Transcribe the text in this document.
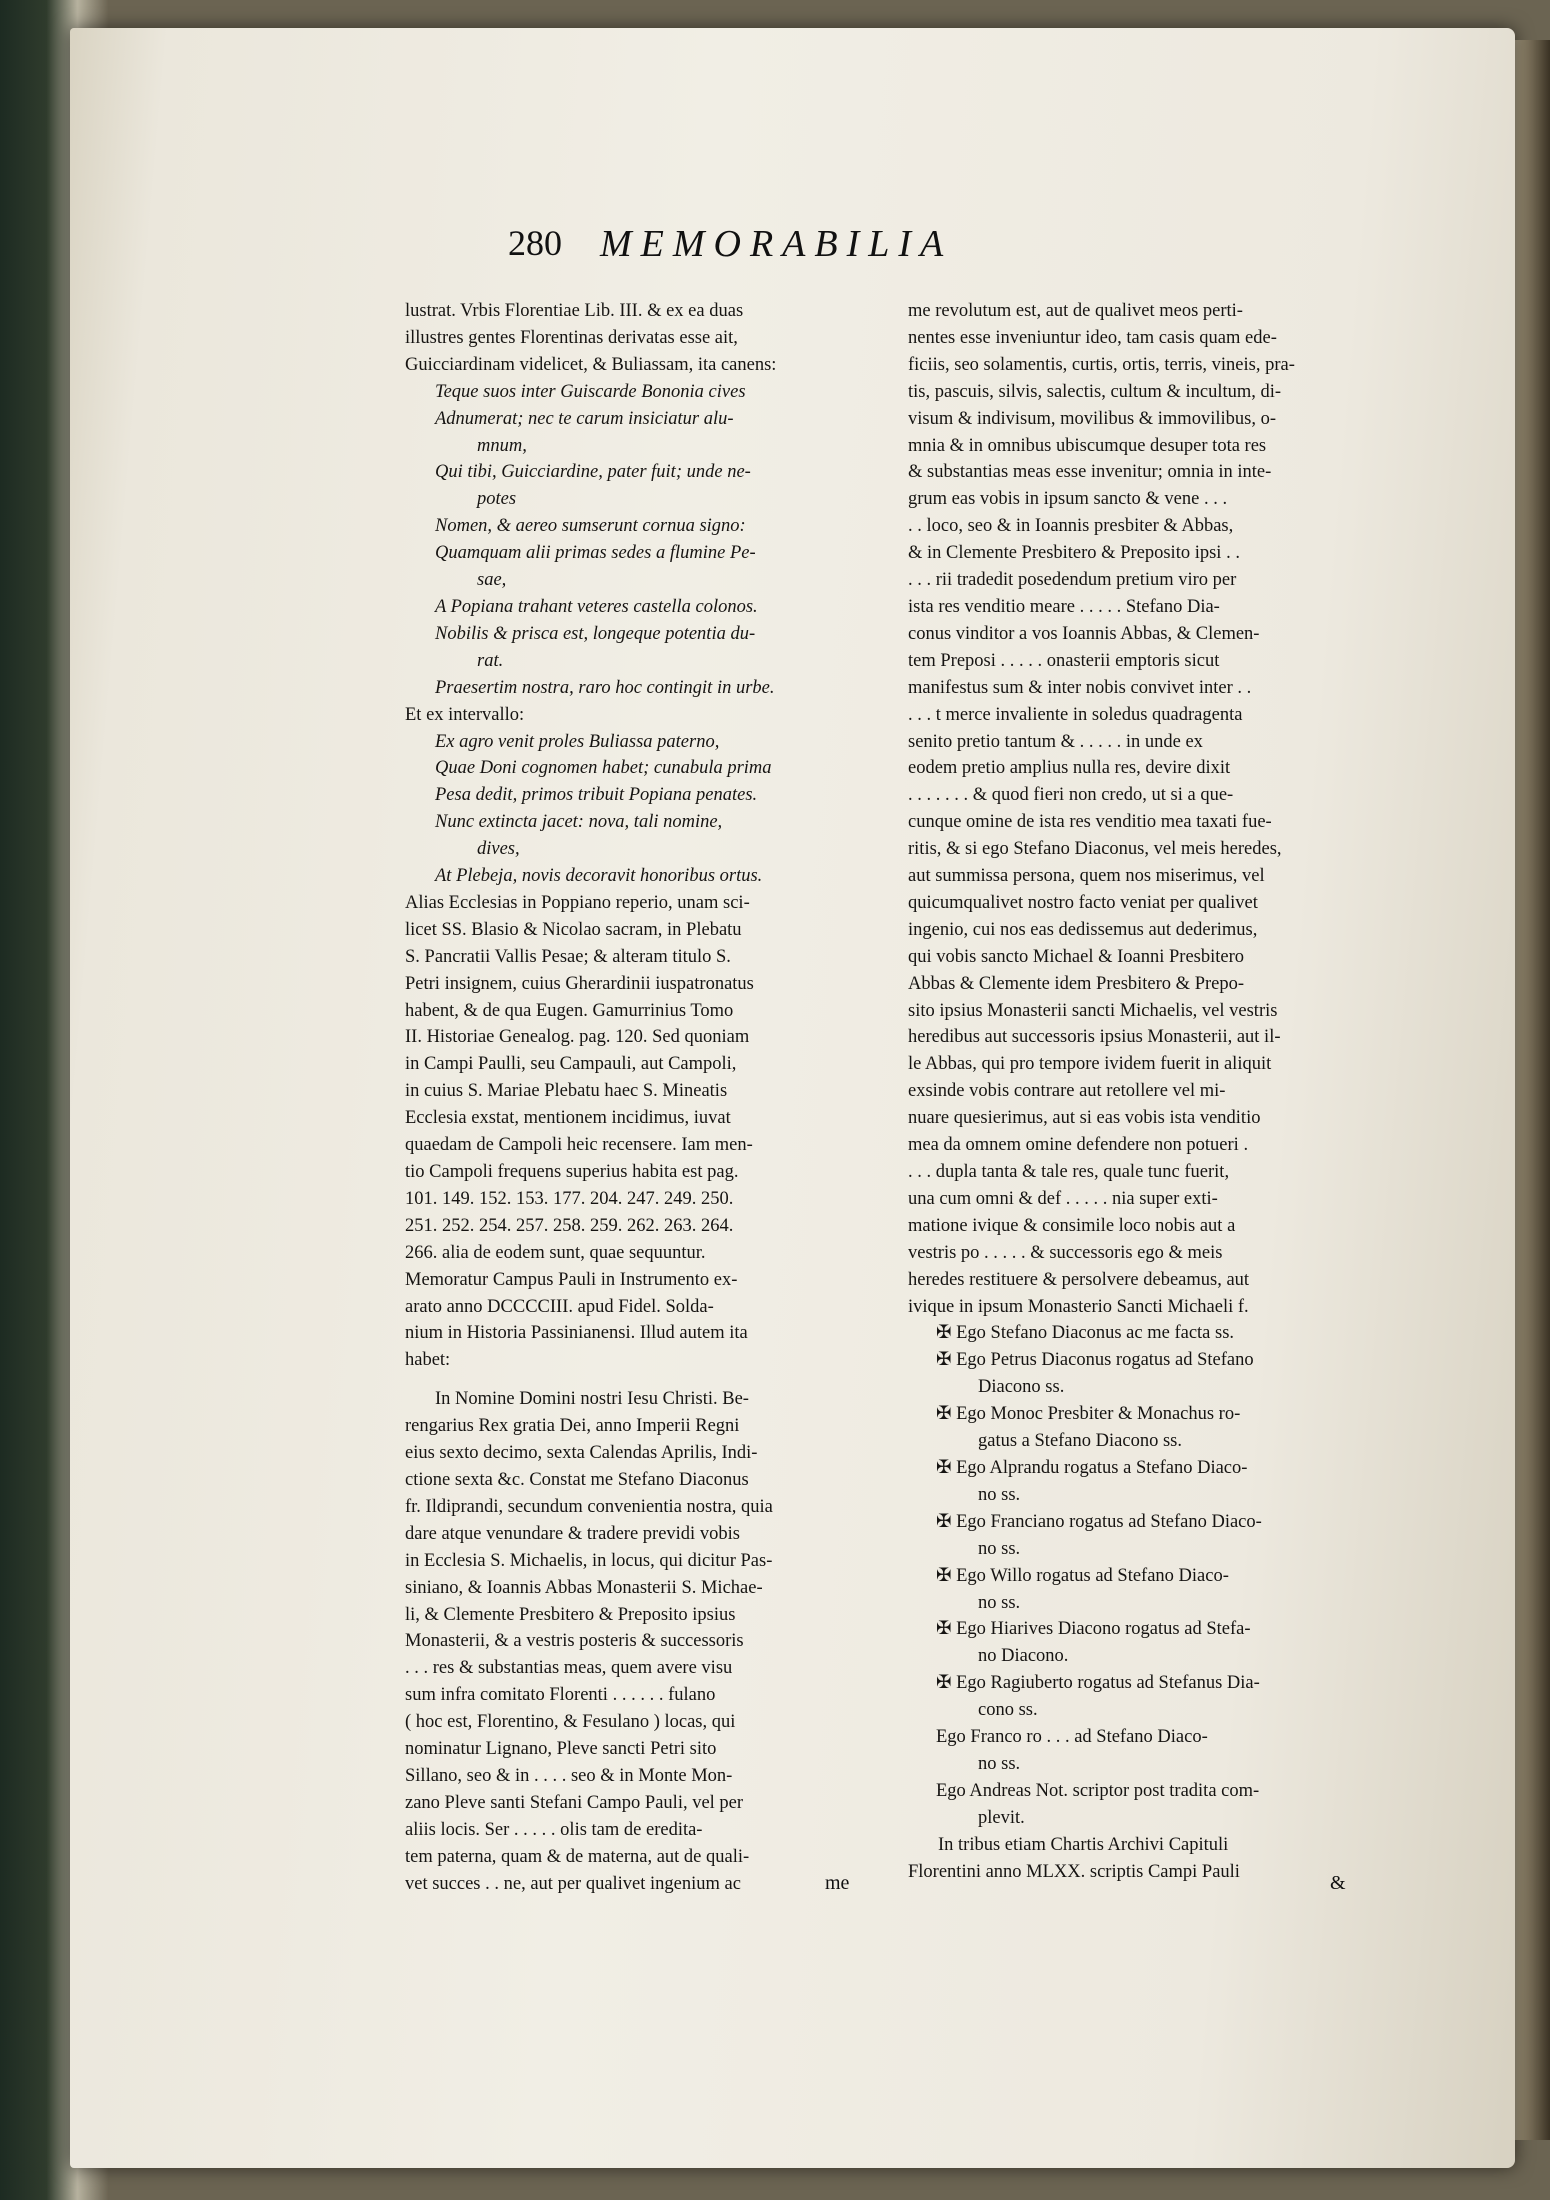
280 MEMORABILIA

lustrat. Vrbis Florentiae Lib. III. & ex ea duas

illustres gentes Florentinas derivatas esse ait,

Guicciardinam videlicet, & Buliassam, ita canens:

Teque suos inter Guiscarde Bononia cives

Adnumerat; nec te carum insiciatur alu-

mnum,

Qui tibi, Guicciardine, pater fuit; unde ne-

potes

Nomen, & aereo sumserunt cornua signo:

Quamquam alii primas sedes a flumine Pe-

sae,

A Popiana trahant veteres castella colonos.

Nobilis & prisca est, longeque potentia du-

rat.

Praesertim nostra, raro hoc contingit in urbe.

Et ex intervallo:

Ex agro venit proles Buliassa paterno,

Quae Doni cognomen habet; cunabula prima

Pesa dedit, primos tribuit Popiana penates.

Nunc extincta jacet: nova, tali nomine,

dives,

At Plebeja, novis decoravit honoribus ortus.

Alias Ecclesias in Poppiano reperio, unam sci-

licet SS. Blasio & Nicolao sacram, in Plebatu

S. Pancratii Vallis Pesae; & alteram titulo S.

Petri insignem, cuius Gherardinii iuspatronatus

habent, & de qua Eugen. Gamurrinius Tomo

II. Historiae Genealog. pag. 120. Sed quoniam

in Campi Paulli, seu Campauli, aut Campoli,

in cuius S. Mariae Plebatu haec S. Mineatis

Ecclesia exstat, mentionem incidimus, iuvat

quaedam de Campoli heic recensere. Iam men-

tio Campoli frequens superius habita est pag.

101. 149. 152. 153. 177. 204. 247. 249. 250.

251. 252. 254. 257. 258. 259. 262. 263. 264.

266. alia de eodem sunt, quae sequuntur.

Memoratur Campus Pauli in Instrumento ex-

arato anno DCCCCIII. apud Fidel. Solda-

nium in Historia Passinianensi. Illud autem ita

habet:

In Nomine Domini nostri Iesu Christi. Be-

rengarius Rex gratia Dei, anno Imperii Regni

eius sexto decimo, sexta Calendas Aprilis, Indi-

ctione sexta &c. Constat me Stefano Diaconus

fr. Ildiprandi, secundum convenientia nostra, quia

dare atque venundare & tradere previdi vobis

in Ecclesia S. Michaelis, in locus, qui dicitur Pas-

siniano, & Ioannis Abbas Monasterii S. Michae-

li, & Clemente Presbitero & Preposito ipsius

Monasterii, & a vestris posteris & successoris

. . . res & substantias meas, quem avere visu

sum infra comitato Florenti . . . . . . fulano

( hoc est, Florentino, & Fesulano ) locas, qui

nominatur Lignano, Pleve sancti Petri sito

Sillano, seo & in . . . . seo & in Monte Mon-

zano Pleve santi Stefani Campo Pauli, vel per

aliis locis. Ser . . . . . olis tam de eredita-

tem paterna, quam & de materna, aut de quali-

vet succes . . ne, aut per qualivet ingenium ac

me revolutum est, aut de qualivet meos perti-

nentes esse inveniuntur ideo, tam casis quam ede-

ficiis, seo solamentis, curtis, ortis, terris, vineis, pra-

tis, pascuis, silvis, salectis, cultum & incultum, di-

visum & indivisum, movilibus & immovilibus, o-

mnia & in omnibus ubiscumque desuper tota res

& substantias meas esse invenitur; omnia in inte-

grum eas vobis in ipsum sancto & vene . . .

. . loco, seo & in Ioannis presbiter & Abbas,

& in Clemente Presbitero & Preposito ipsi . .

. . . rii tradedit posedendum pretium viro per

ista res venditio meare . . . . . Stefano Dia-

conus vinditor a vos Ioannis Abbas, & Clemen-

tem Preposi . . . . . onasterii emptoris sicut

manifestus sum & inter nobis convivet inter . .

. . . t merce invaliente in soledus quadragenta

senito pretio tantum & . . . . . in unde ex

eodem pretio amplius nulla res, devire dixit

. . . . . . . & quod fieri non credo, ut si a que-

cunque omine de ista res venditio mea taxati fue-

ritis, & si ego Stefano Diaconus, vel meis heredes,

aut summissa persona, quem nos miserimus, vel

quicumqualivet nostro facto veniat per qualivet

ingenio, cui nos eas dedissemus aut dederimus,

qui vobis sancto Michael & Ioanni Presbitero

Abbas & Clemente idem Presbitero & Prepo-

sito ipsius Monasterii sancti Michaelis, vel vestris

heredibus aut successoris ipsius Monasterii, aut il-

le Abbas, qui pro tempore ividem fuerit in aliquit

exsinde vobis contrare aut retollere vel mi-

nuare quesierimus, aut si eas vobis ista venditio

mea da omnem omine defendere non potueri .

. . . dupla tanta & tale res, quale tunc fuerit,

una cum omni & def . . . . . nia super exti-

matione ivique & consimile loco nobis aut a

vestris po . . . . . & successoris ego & meis

heredes restituere & persolvere debeamus, aut

ivique in ipsum Monasterio Sancti Michaeli f.

✠ Ego Stefano Diaconus ac me facta ss.

✠ Ego Petrus Diaconus rogatus ad Stefano

Diacono ss.

✠ Ego Monoc Presbiter & Monachus ro-

gatus a Stefano Diacono ss.

✠ Ego Alprandu rogatus a Stefano Diaco-

no ss.

✠ Ego Franciano rogatus ad Stefano Diaco-

no ss.

✠ Ego Willo rogatus ad Stefano Diaco-

no ss.

✠ Ego Hiarives Diacono rogatus ad Stefa-

no Diacono.

✠ Ego Ragiuberto rogatus ad Stefanus Dia-

cono ss.

Ego Franco ro . . . ad Stefano Diaco-

no ss.

Ego Andreas Not. scriptor post tradita com-

plevit.

In tribus etiam Chartis Archivi Capituli

Florentini anno MLXX. scriptis Campi Pauli

me	&
